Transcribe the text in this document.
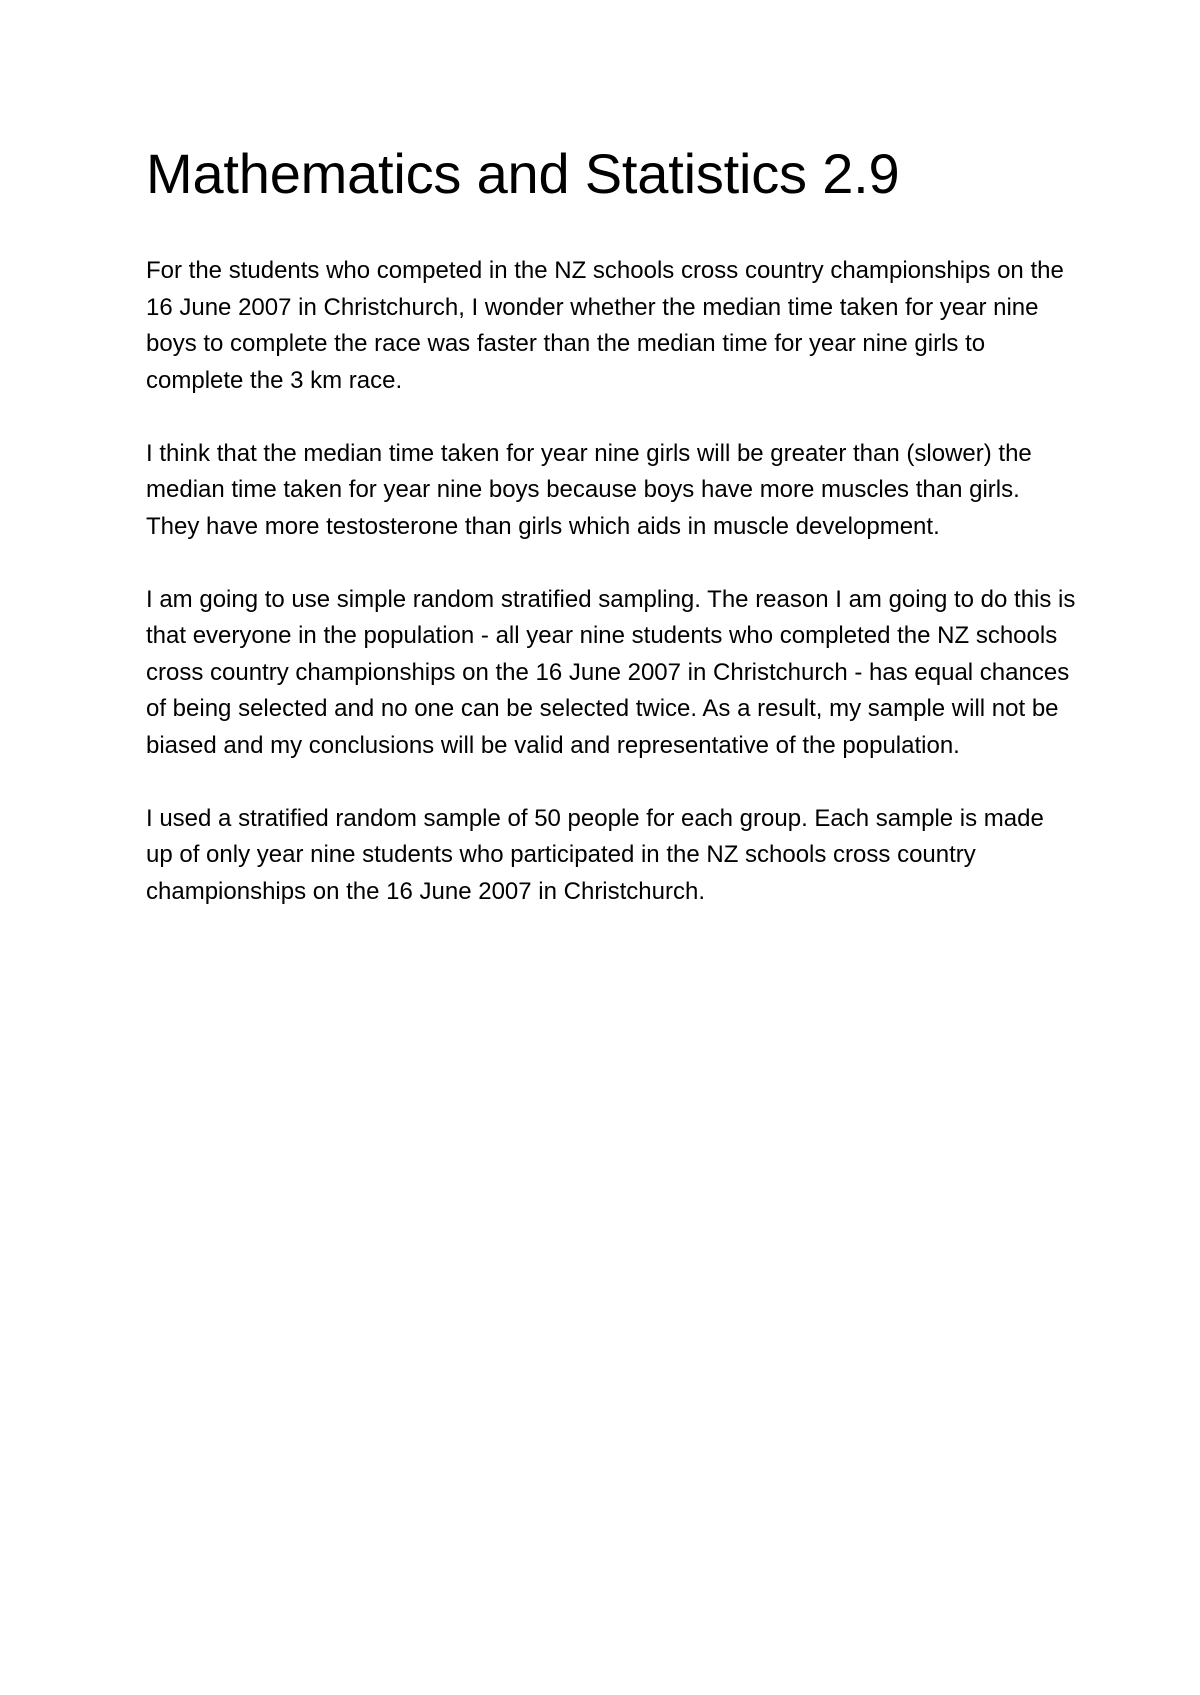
Mathematics and Statistics 2.9

For the students who competed in the NZ schools cross country championships on the 16 June 2007 in Christchurch, I wonder whether the median time taken for year nine boys to complete the race was faster than the median time for year nine girls to complete the 3 km race.

I think that the median time taken for year nine girls will be greater than (slower) the median time taken for year nine boys because boys have more muscles than girls. They have more testosterone than girls which aids in muscle development.

I am going to use simple random stratified sampling. The reason I am going to do this is that everyone in the population - all year nine students who completed the NZ schools cross country championships on the 16 June 2007 in Christchurch - has equal chances of being selected and no one can be selected twice. As a result, my sample will not be biased and my conclusions will be valid and representative of the population.

I used a stratified random sample of 50 people for each group. Each sample is made up of only year nine students who participated in the NZ schools cross country championships on the 16 June 2007 in Christchurch.
